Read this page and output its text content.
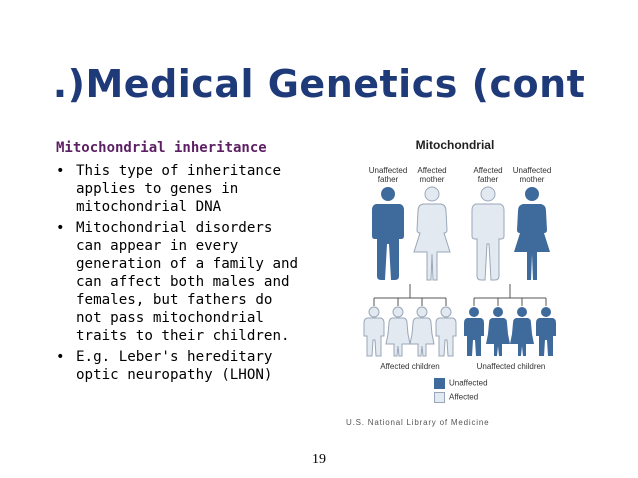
.)Medical Genetics (cont
Mitochondrial inheritance
• This type of inheritance applies to genes in mitochondrial DNA
• Mitochondrial disorders can appear in every generation of a family and can affect both males and females, but fathers do not pass mitochondrial traits to their children.
• E.g. Leber's hereditary optic neuropathy (LHON)
Mitochondrial
Unaffected
father
Affected
mother
Affected
father
Unaffected
mother
Affected children	Unaffected children
Unaffected
Affected
U.S. National Library of Medicine
19
